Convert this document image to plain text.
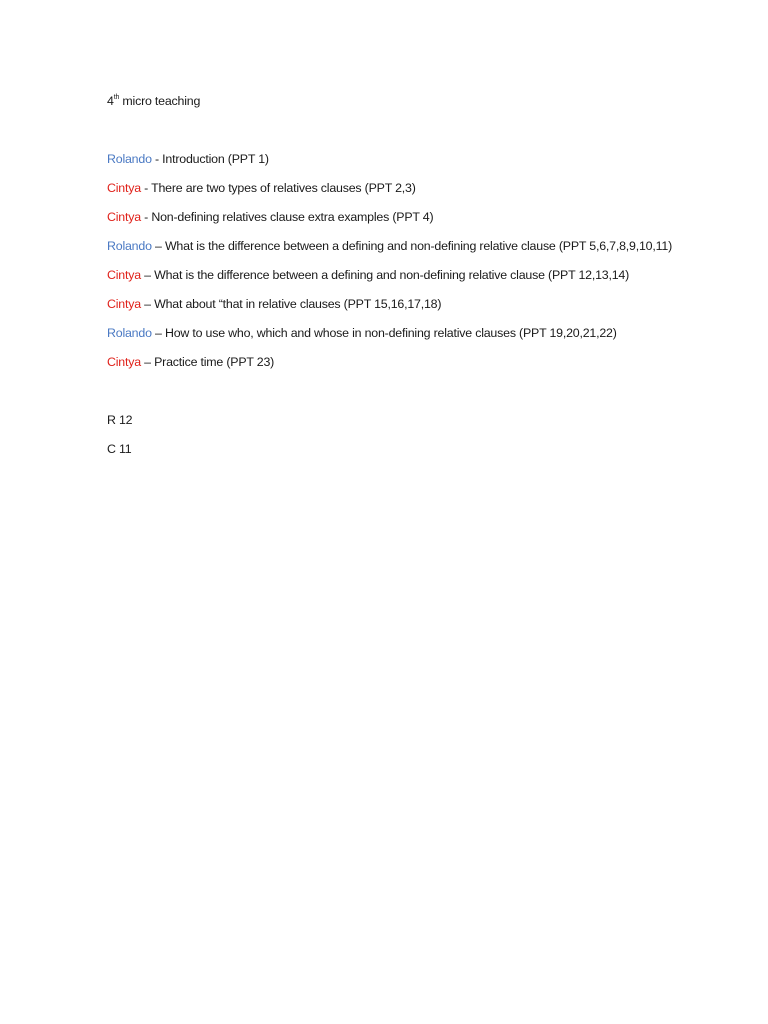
4th micro teaching

Rolando - Introduction (PPT 1)

Cintya - There are two types of relatives clauses (PPT 2,3)

Cintya - Non-defining relatives clause extra examples (PPT 4)

Rolando – What is the difference between a defining and non-defining relative clause (PPT 5,6,7,8,9,10,11)

Cintya – What is the difference between a defining and non-defining relative clause (PPT 12,13,14)

Cintya – What about “that in relative clauses (PPT 15,16,17,18)

Rolando – How to use who, which and whose in non-defining relative clauses (PPT 19,20,21,22)

Cintya – Practice time (PPT 23)

R 12

C 11
